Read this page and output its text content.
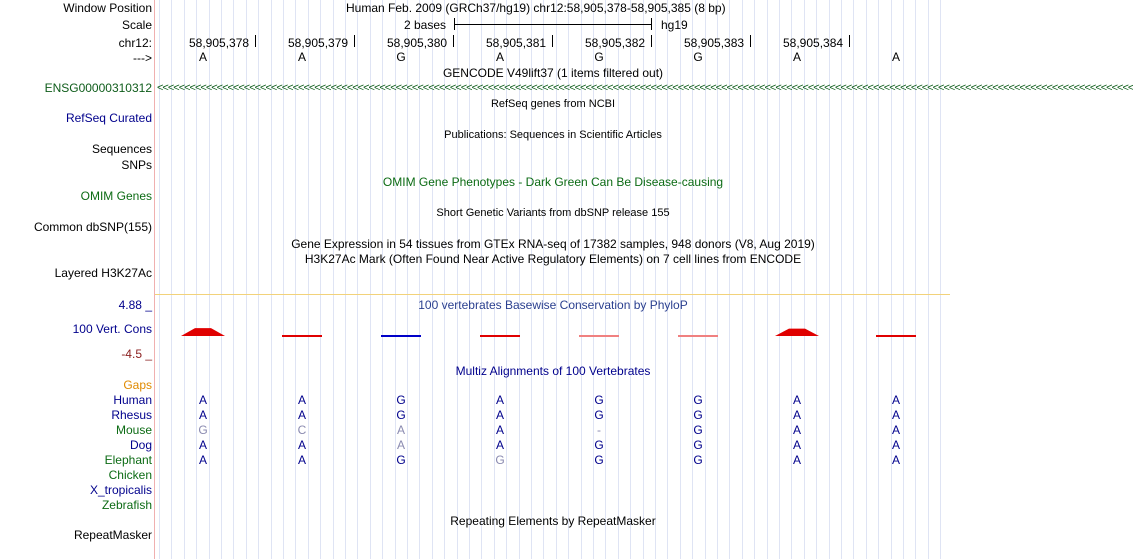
Window Position	Human Feb. 2009 (GRCh37/hg19) chr12:58,905,378-58,905,385 (8 bp)
Scale	2 bases	hg19
chr12:	58,905,378	58,905,379	58,905,380	58,905,381	58,905,382	58,905,383	58,905,384
--->	A	A	G	A	G	G	A	A
GENCODE V49lift37 (1 items filtered out)
ENSG00000310312 <<<<<<<<<<<<<<<<<<<<<<<<<<<<<<<<<<<<<<<<<<<<<<<<<<<<<<<<<<<<<<<<<<<<<<<<<<<<<<<<<<<<<<<<<<<<<<<<<<<<<<<<<<<<<<<<<<<<<<<<<<<<<<<<<<<<<<<<<<<<<<<<<<<<<<<<<<<<<<<<<<<<<<<<<<<<<<<<<<<<
RefSeq genes from NCBI
RefSeq Curated
Publications: Sequences in Scientific Articles
Sequences
SNPs
OMIM Gene Phenotypes - Dark Green Can Be Disease-causing
OMIM Genes
Short Genetic Variants from dbSNP release 155
Common dbSNP(155)
Gene Expression in 54 tissues from GTEx RNA-seq of 17382 samples, 948 donors (V8, Aug 2019)
H3K27Ac Mark (Often Found Near Active Regulatory Elements) on 7 cell lines from ENCODE
Layered H3K27Ac
100 vertebrates Basewise Conservation by PhyloP
4.88 _
100 Vert. Cons
-4.5 _
Multiz Alignments of 100 Vertebrates
Gaps
Human	A	A	G	A	G	G	A	A
Rhesus	A	A	G	A	G	G	A	A
Mouse	G	C	A	A	-	G	A	A
Dog	A	A	A	A	G	G	A	A
Elephant	A	A	G	G	G	G	A	A
Chicken
X_tropicalis
Zebrafish
Repeating Elements by RepeatMasker
RepeatMasker
